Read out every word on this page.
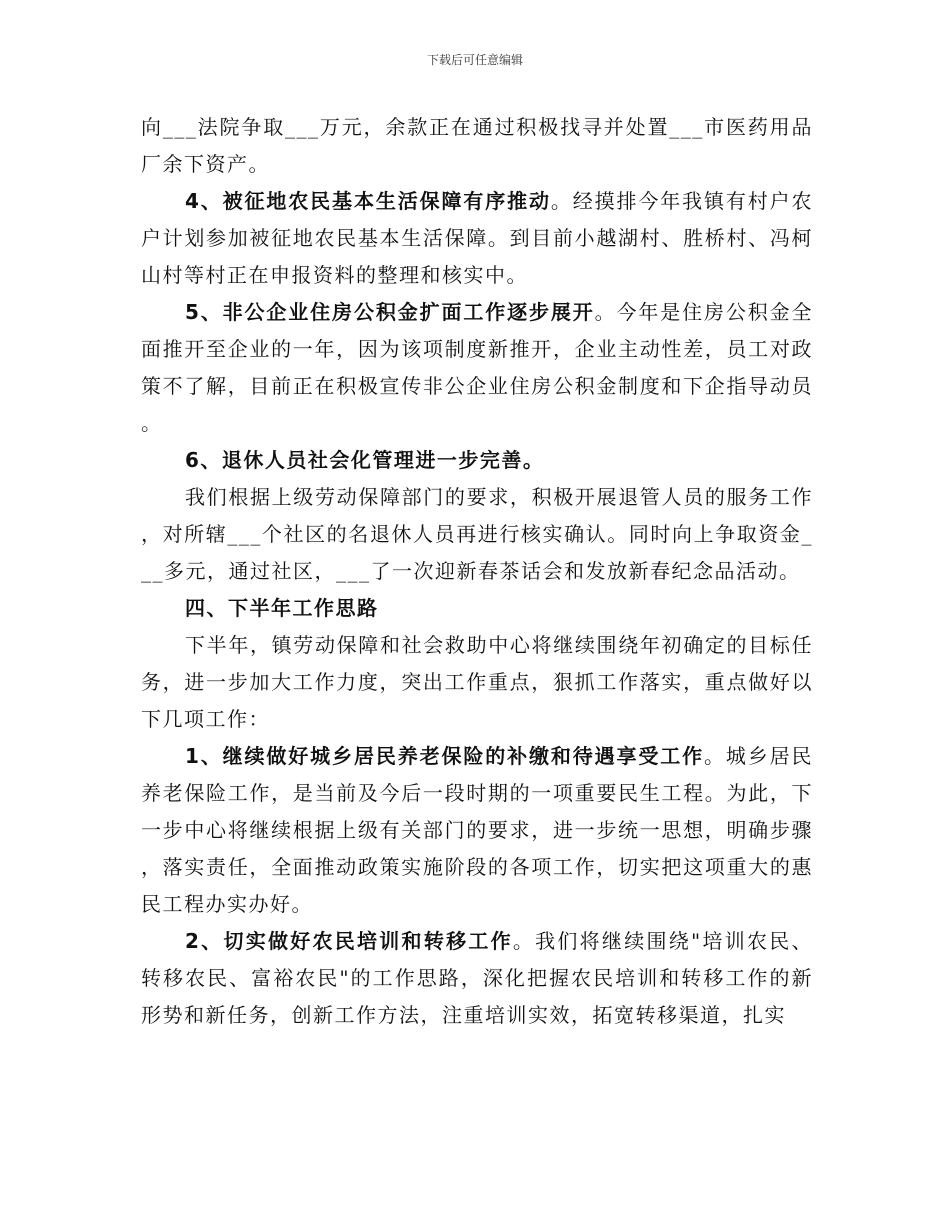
下载后可任意编辑

向___法院争取___万元，余款正在通过积极找寻并处置___市医药用品厂余下资产。

4、被征地农民基本生活保障有序推动。经摸排今年我镇有村户农户计划参加被征地农民基本生活保障。到目前小越湖村、胜桥村、冯柯山村等村正在申报资料的整理和核实中。

5、非公企业住房公积金扩面工作逐步展开。今年是住房公积金全面推开至企业的一年，因为该项制度新推开，企业主动性差，员工对政策不了解，目前正在积极宣传非公企业住房公积金制度和下企指导动员。

6、退休人员社会化管理进一步完善。

我们根据上级劳动保障部门的要求，积极开展退管人员的服务工作，对所辖___个社区的名退休人员再进行核实确认。同时向上争取资金___多元，通过社区，___了一次迎新春茶话会和发放新春纪念品活动。

四、下半年工作思路

下半年，镇劳动保障和社会救助中心将继续围绕年初确定的目标任务，进一步加大工作力度，突出工作重点，狠抓工作落实，重点做好以下几项工作：

1、继续做好城乡居民养老保险的补缴和待遇享受工作。城乡居民养老保险工作，是当前及今后一段时期的一项重要民生工程。为此，下一步中心将继续根据上级有关部门的要求，进一步统一思想，明确步骤，落实责任，全面推动政策实施阶段的各项工作，切实把这项重大的惠民工程办实办好。

2、切实做好农民培训和转移工作。我们将继续围绕"培训农民、转移农民、富裕农民"的工作思路，深化把握农民培训和转移工作的新形势和新任务，创新工作方法，注重培训实效，拓宽转移渠道，扎实
